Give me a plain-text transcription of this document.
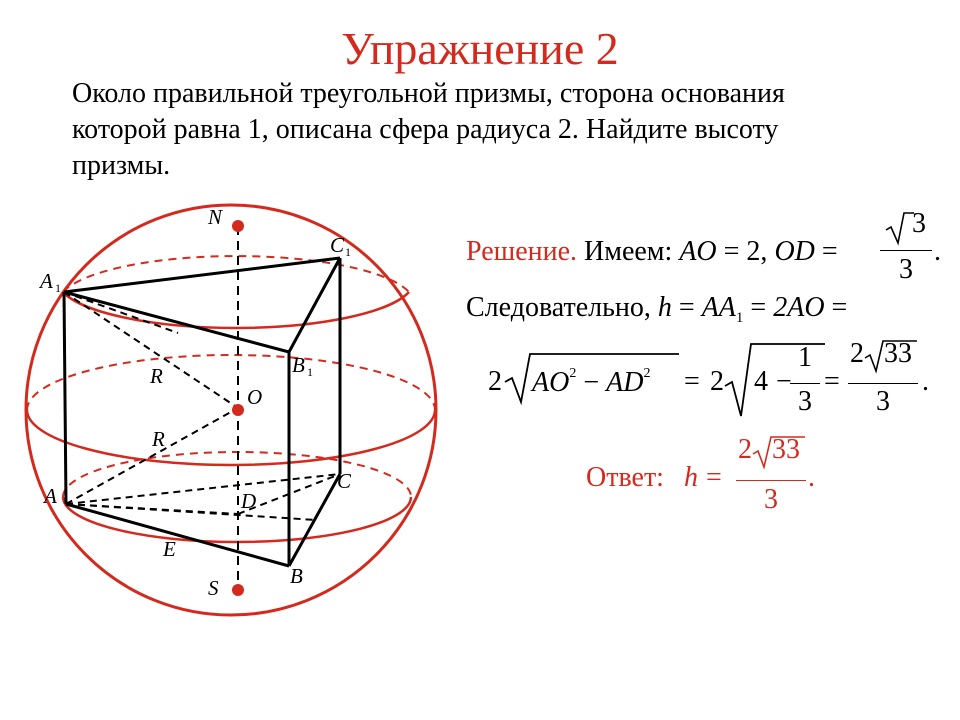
Упражнение 2
Около правильной треугольной призмы, сторона основания
которой равна 1, описана сфера радиуса 2. Найдите высоту
призмы.
N
O
S
A 1
B 1
C 1
A
B
C
D
E
R
R
Решение. Имеем: AO = 2, OD =
3
3
.
Следовательно, $h = AA_1 = 2AO$ =
2 $AO^2 - AD^2 = 2$ 4 −
1
3
=
2 33
3
.
Ответ: h =
2 33
3
.
